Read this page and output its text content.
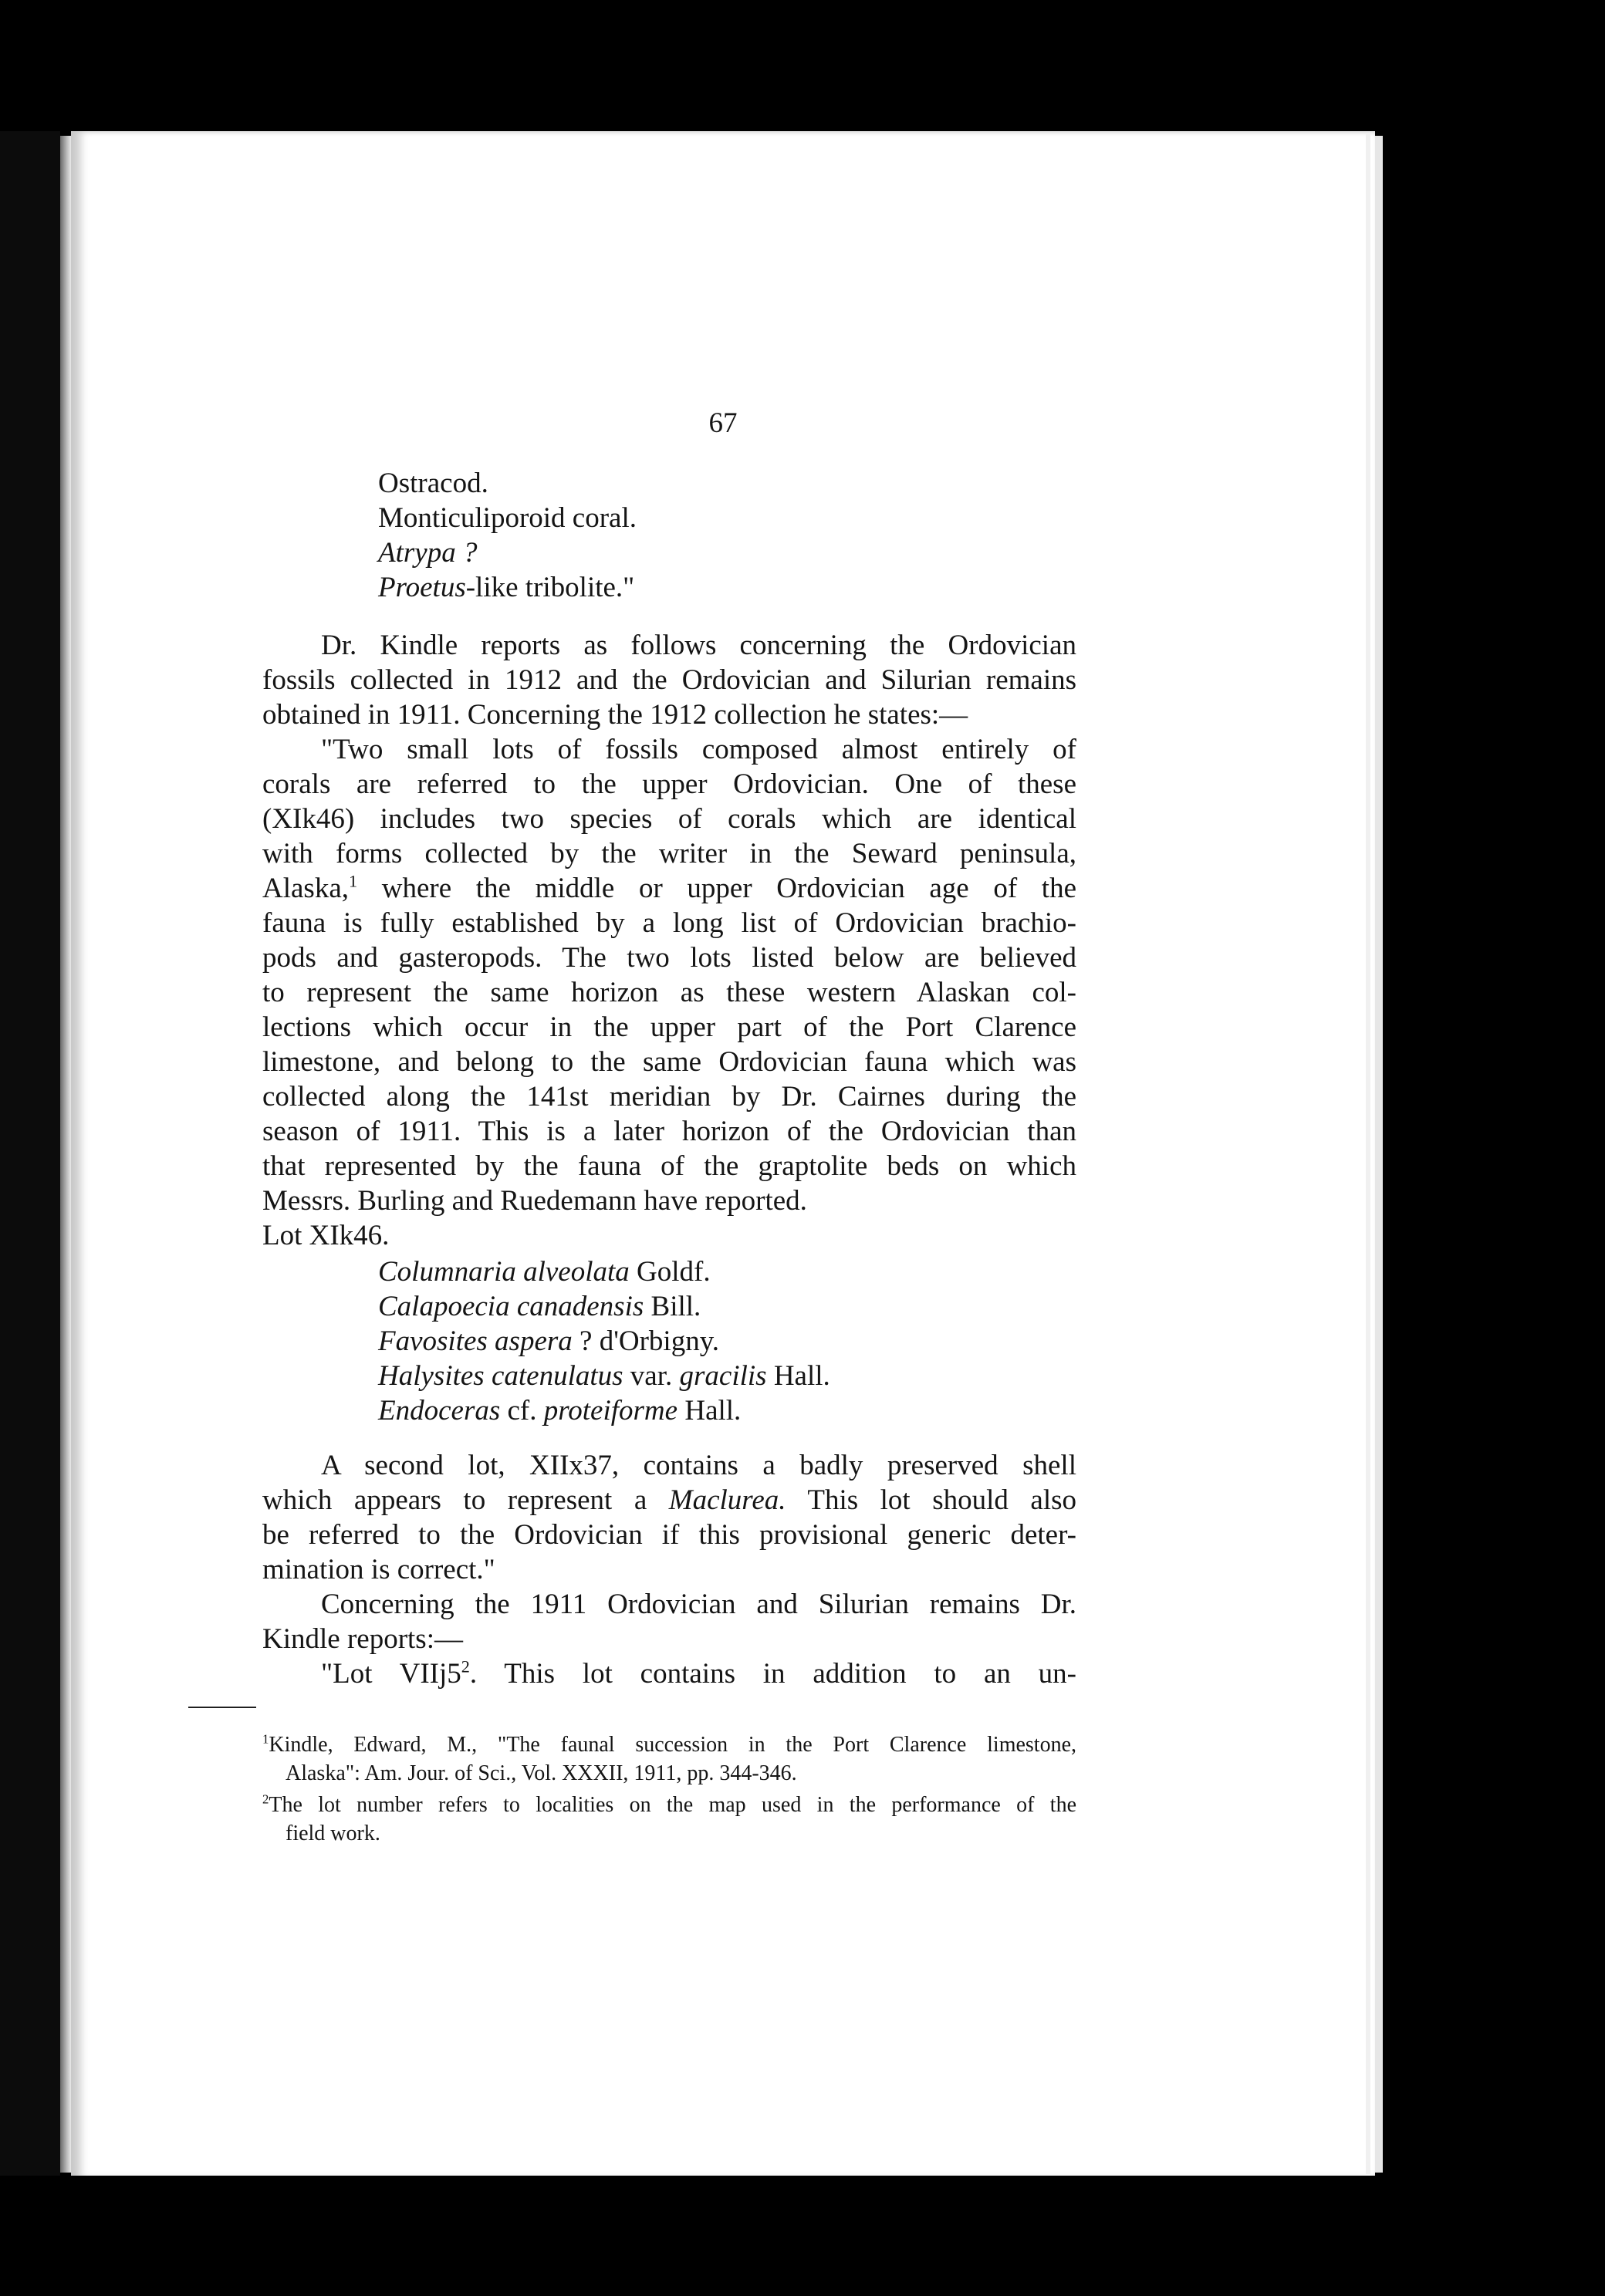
67
Ostracod.
Monticuliporoid coral.
Atrypa ?
Proetus-like tribolite."
Dr. Kindle reports as follows concerning the Ordovician
fossils collected in 1912 and the Ordovician and Silurian remains
obtained in 1911. Concerning the 1912 collection he states:—
"Two small lots of fossils composed almost entirely of
corals are referred to the upper Ordovician. One of these
(XIk46) includes two species of corals which are identical
with forms collected by the writer in the Seward peninsula,
Alaska,$^1$ where the middle or upper Ordovician age of the
fauna is fully established by a long list of Ordovician brachio-
pods and gasteropods. The two lots listed below are believed
to represent the same horizon as these western Alaskan col-
lections which occur in the upper part of the Port Clarence
limestone, and belong to the same Ordovician fauna which was
collected along the 141st meridian by Dr. Cairnes during the
season of 1911. This is a later horizon of the Ordovician than
that represented by the fauna of the graptolite beds on which
Messrs. Burling and Ruedemann have reported.
Lot XIk46.
Columnaria alveolata Goldf.
Calapoecia canadensis Bill.
Favosites aspera ? d'Orbigny.
Halysites catenulatus var. gracilis Hall.
Endoceras cf. proteiforme Hall.
A second lot, XIIx37, contains a badly preserved shell
which appears to represent a Maclurea. This lot should also
be referred to the Ordovician if this provisional generic deter-
mination is correct."
Concerning the 1911 Ordovician and Silurian remains Dr.
Kindle reports:—
"Lot $VIIj5^2$. This lot contains in addition to an un-
$^1$Kindle, Edward, M., "The faunal succession in the Port Clarence limestone,
Alaska": Am. Jour. of Sci., Vol. XXXII, 1911, pp. 344-346.
$^2$The lot number refers to localities on the map used in the performance of the
field work.
